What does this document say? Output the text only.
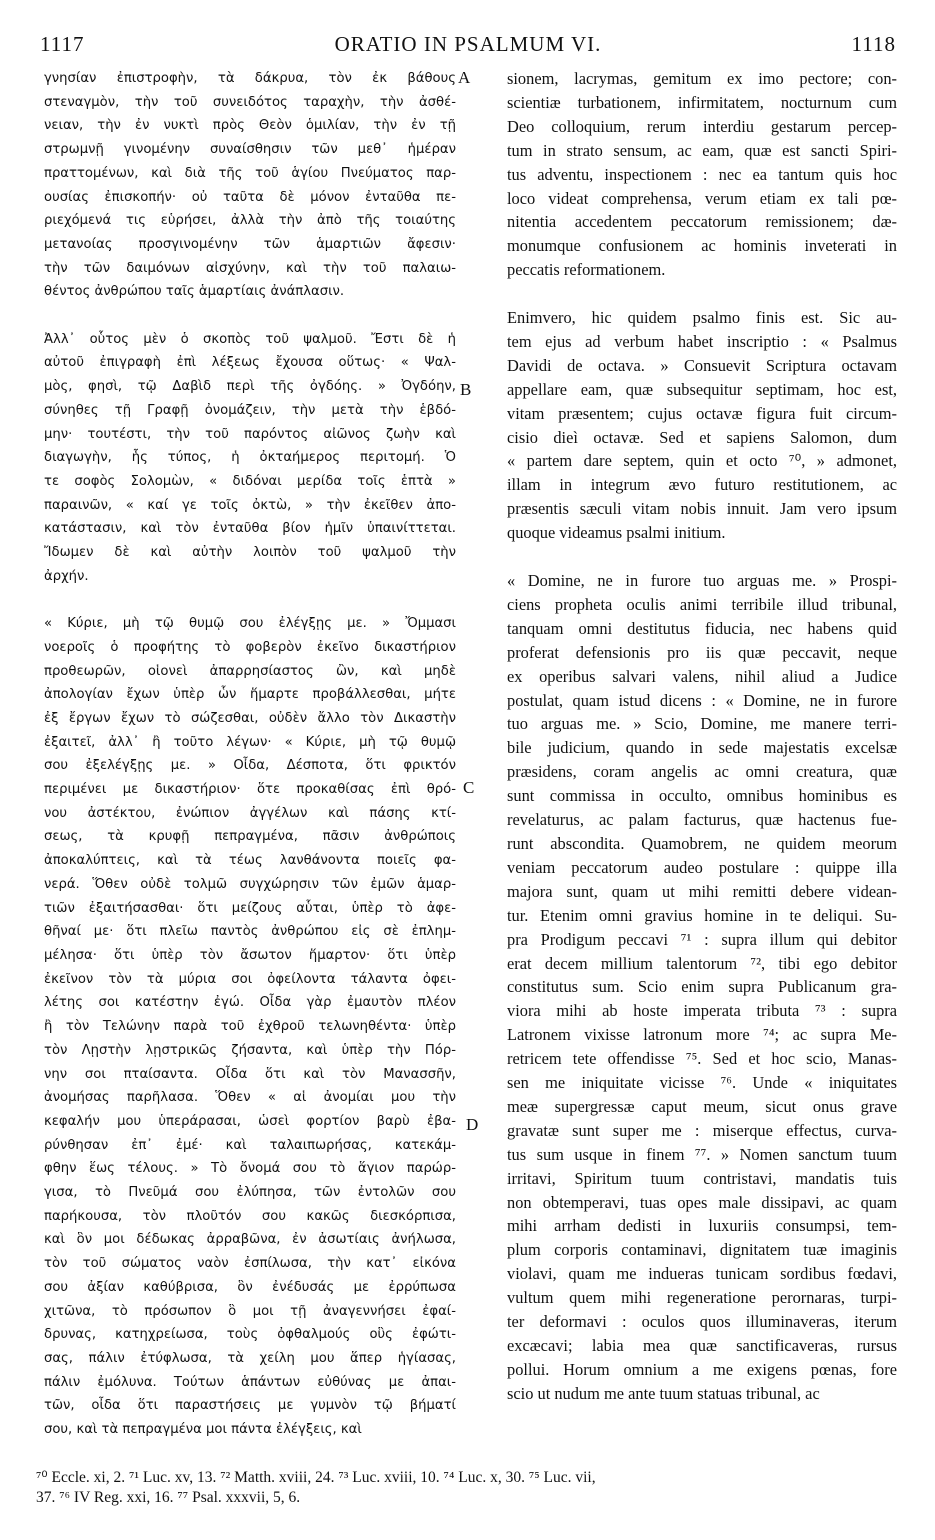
1117	ORATIO IN PSALMUM VI.	1118
γνησίαν ἐπιστροφὴν, τὰ δάκρυα, τὸν ἐκ βάθους
στεναγμὸν, τὴν τοῦ συνειδότος ταραχὴν, τὴν ἀσθέ-
νειαν, τὴν ἐν νυκτὶ πρὸς Θεὸν ὁμιλίαν, τὴν ἐν τῇ
στρωμνῇ γινομένην συναίσθησιν τῶν μεθ᾽ ἡμέραν
πραττομένων, καὶ διὰ τῆς τοῦ ἁγίου Πνεύματος παρ-
ουσίας ἐπισκοπήν· οὐ ταῦτα δὲ μόνον ἐνταῦθα πε-
ριεχόμενά τις εὑρήσει, ἀλλὰ τὴν ἀπὸ τῆς τοιαύτης
μετανοίας προσγινομένην τῶν ἁμαρτιῶν ἄφεσιν·
τὴν τῶν δαιμόνων αἰσχύνην, καὶ τὴν τοῦ παλαιω-
θέντος ἀνθρώπου ταῖς ἁμαρτίαις ἀνάπλασιν.
Ἀλλ᾽ οὗτος μὲν ὁ σκοπὸς τοῦ ψαλμοῦ. Ἔστι δὲ ἡ
αὐτοῦ ἐπιγραφὴ ἐπὶ λέξεως ἔχουσα οὕτως· « Ψαλ-
μὸς, φησὶ, τῷ Δαβὶδ περὶ τῆς ὀγδόης. » Ὀγδόην,
σύνηθες τῇ Γραφῇ ὀνομάζειν, τὴν μετὰ τὴν ἑβδό-
μην· τουτέστι, τὴν τοῦ παρόντος αἰῶνος ζωὴν καὶ
διαγωγὴν, ἧς τύπος, ἡ ὀκταήμερος περιτομή. Ὁ
τε σοφὸς Σολομὼν, « διδόναι μερίδα τοῖς ἑπτὰ »
παραινῶν, « καί γε τοῖς ὀκτὼ, » τὴν ἐκεῖθεν ἀπο-
κατάστασιν, καὶ τὸν ἐνταῦθα βίον ἡμῖν ὑπαινίττεται.
Ἴδωμεν δὲ καὶ αὐτὴν λοιπὸν τοῦ ψαλμοῦ τὴν
ἀρχήν.
« Κύριε, μὴ τῷ θυμῷ σου ἐλέγξῃς με. » Ὄμμασι
νοεροῖς ὁ προφήτης τὸ φοβερὸν ἐκεῖνο δικαστήριον
προθεωρῶν, οἱονεὶ ἀπαρρησίαστος ὢν, καὶ μηδὲ
ἀπολογίαν ἔχων ὑπὲρ ὧν ἥμαρτε προβάλλεσθαι, μήτε
ἐξ ἔργων ἔχων τὸ σώζεσθαι, οὐδὲν ἄλλο τὸν Δικαστὴν
ἐξαιτεῖ, ἀλλ᾽ ἢ τοῦτο λέγων· « Κύριε, μὴ τῷ θυμῷ
σου ἐξελέγξῃς με. » Οἶδα, Δέσποτα, ὅτι φρικτόν
περιμένει με δικαστήριον· ὅτε προκαθίσας ἐπὶ θρό-
νου ἀστέκτου, ἐνώπιον ἀγγέλων καὶ πάσης κτί-
σεως, τὰ κρυφῇ πεπραγμένα, πᾶσιν ἀνθρώποις
ἀποκαλύπτεις, καὶ τὰ τέως λανθάνοντα ποιεῖς φα-
νερά. Ὅθεν οὐδὲ τολμῶ συγχώρησιν τῶν ἐμῶν ἁμαρ-
τιῶν ἐξαιτήσασθαι· ὅτι μείζους αὗται, ὑπὲρ τὸ ἀφε-
θῆναί με· ὅτι πλεῖω παντὸς ἀνθρώπου εἰς σὲ ἐπλημ-
μέλησα· ὅτι ὑπὲρ τὸν ἄσωτον ἥμαρτον· ὅτι ὑπὲρ
ἐκεῖνον τὸν τὰ μύρια σοι ὀφείλοντα τάλαντα ὀφει-
λέτης σοι κατέστην ἐγώ. Οἶδα γὰρ ἐμαυτὸν πλέον
ἢ τὸν Τελώνην παρὰ τοῦ ἐχθροῦ τελωνηθέντα· ὑπὲρ
τὸν Λῃστὴν λῃστρικῶς ζήσαντα, καὶ ὑπὲρ τὴν Πόρ-
νην σοι πταίσαντα. Οἶδα ὅτι καὶ τὸν Μανασσῆν,
ἀνομήσας παρῆλασα. Ὅθεν « αἱ ἀνομίαι μου τὴν
κεφαλήν μου ὑπεράρασαι, ὡσεὶ φορτίον βαρὺ ἐβα-
ρύνθησαν ἐπ᾽ ἐμέ· καὶ ταλαιπωρήσας, κατεκάμ-
φθην ἕως τέλους. » Τὸ ὄνομά σου τὸ ἅγιον παρώρ-
γισα, τὸ Πνεῦμά σου ἐλύπησα, τῶν ἐντολῶν σου
παρήκουσα, τὸν πλοῦτόν σου κακῶς διεσκόρπισα,
καὶ ὃν μοι δέδωκας ἀρραβῶνα, ἐν ἀσωτίαις ἀνήλωσα,
τὸν τοῦ σώματος ναὸν ἐσπίλωσα, τὴν κατ᾽ εἰκόνα
σου ἀξίαν καθύβρισα, ὃν ἐνέδυσάς με ἐρρύπωσα
χιτῶνα, τὸ πρόσωπον ὃ μοι τῇ ἀναγεννήσει ἐφαί-
δρυνας, κατηχρείωσα, τοὺς ὀφθαλμούς οὓς ἐφώτι-
σας, πάλιν ἐτύφλωσα, τὰ χείλη μου ἅπερ ἡγίασας,
πάλιν ἐμόλυνα. Τούτων ἁπάντων εὐθύνας με ἀπαι-
τῶν, οἶδα ὅτι παραστήσεις με γυμνὸν τῷ βήματί
σου, καὶ τὰ πεπραγμένα μοι πάντα ἐλέγξεις, καὶ
sionem, lacrymas, gemitum ex imo pectore; con-
scientiæ turbationem, infirmitatem, nocturnum cum
Deo colloquium, rerum interdiu gestarum percep-
tum in strato sensum, ac eam, quæ est sancti Spiri-
tus adventu, inspectionem : nec ea tantum quis hoc
loco videat comprehensa, verum etiam ex tali pœ-
nitentia accedentem peccatorum remissionem; dæ-
monumque confusionem ac hominis inveterati in
peccatis reformationem.
Enimvero, hic quidem psalmo finis est. Sic au-
tem ejus ad verbum habet inscriptio : « Psalmus
Davidi de octava. » Consuevit Scriptura octavam
appellare eam, quæ subsequitur septimam, hoc est,
vitam præsentem; cujus octavæ figura fuit circum-
cisio dieì octavæ. Sed et sapiens Salomon, dum
« partem dare septem, quin et octo ⁷⁰, » admonet,
illam in integrum ævo futuro restitutionem, ac
præsentis sæculi vitam nobis innuit. Jam vero ipsum
quoque videamus psalmi initium.
« Domine, ne in furore tuo arguas me. » Prospi-
ciens propheta oculis animi terribile illud tribunal,
tanquam omni destitutus fiducia, nec habens quid
proferat defensionis pro iis quæ peccavit, neque
ex operibus salvari valens, nihil aliud a Judice
postulat, quam istud dicens : « Domine, ne in furore
tuo arguas me. » Scio, Domine, me manere terri-
bile judicium, quando in sede majestatis excelsæ
præsidens, coram angelis ac omni creatura, quæ
sunt commissa in occulto, omnibus hominibus es
revelaturus, ac palam facturus, quæ hactenus fue-
runt abscondita. Quamobrem, ne quidem meorum
veniam peccatorum audeo postulare : quippe illa
majora sunt, quam ut mihi remitti debere videan-
tur. Etenim omni gravius homine in te deliqui. Su-
pra Prodigum peccavi ⁷¹ : supra illum qui debitor
erat decem millium talentorum ⁷², tibi ego debitor
constitutus sum. Scio enim supra Publicanum gra-
viora mihi ab hoste imperata tributa ⁷³ : supra
Latronem vixisse latronum more ⁷⁴; ac supra Me-
retricem tete offendisse ⁷⁵. Sed et hoc scio, Manas-
sen me iniquitate vicisse ⁷⁶. Unde « iniquitates
meæ supergressæ caput meum, sicut onus grave
gravatæ sunt super me : miserque effectus, curva-
tus sum usque in finem ⁷⁷. » Nomen sanctum tuum
irritavi, Spiritum tuum contristavi, mandatis tuis
non obtemperavi, tuas opes male dissipavi, ac quam
mihi arrham dedisti in luxuriis consumpsi, tem-
plum corporis contaminavi, dignitatem tuæ imaginis
violavi, quam me indueras tunicam sordibus fœdavi,
vultum quem mihi regeneratione perornaras, turpi-
ter deformavi : oculos quos illuminaveras, iterum
excæcavi; labia mea quæ sanctificaveras, rursus
pollui. Horum omnium a me exigens pœnas, fore
scio ut nudum me ante tuum statuas tribunal, ac
A
B
C
D
⁷⁰ Eccle. xi, 2. ⁷¹ Luc. xv, 13. ⁷² Matth. xviii, 24. ⁷³ Luc. xviii, 10. ⁷⁴ Luc. x, 30. ⁷⁵ Luc. vii,
37. ⁷⁶ IV Reg. xxi, 16. ⁷⁷ Psal. xxxvii, 5, 6.
